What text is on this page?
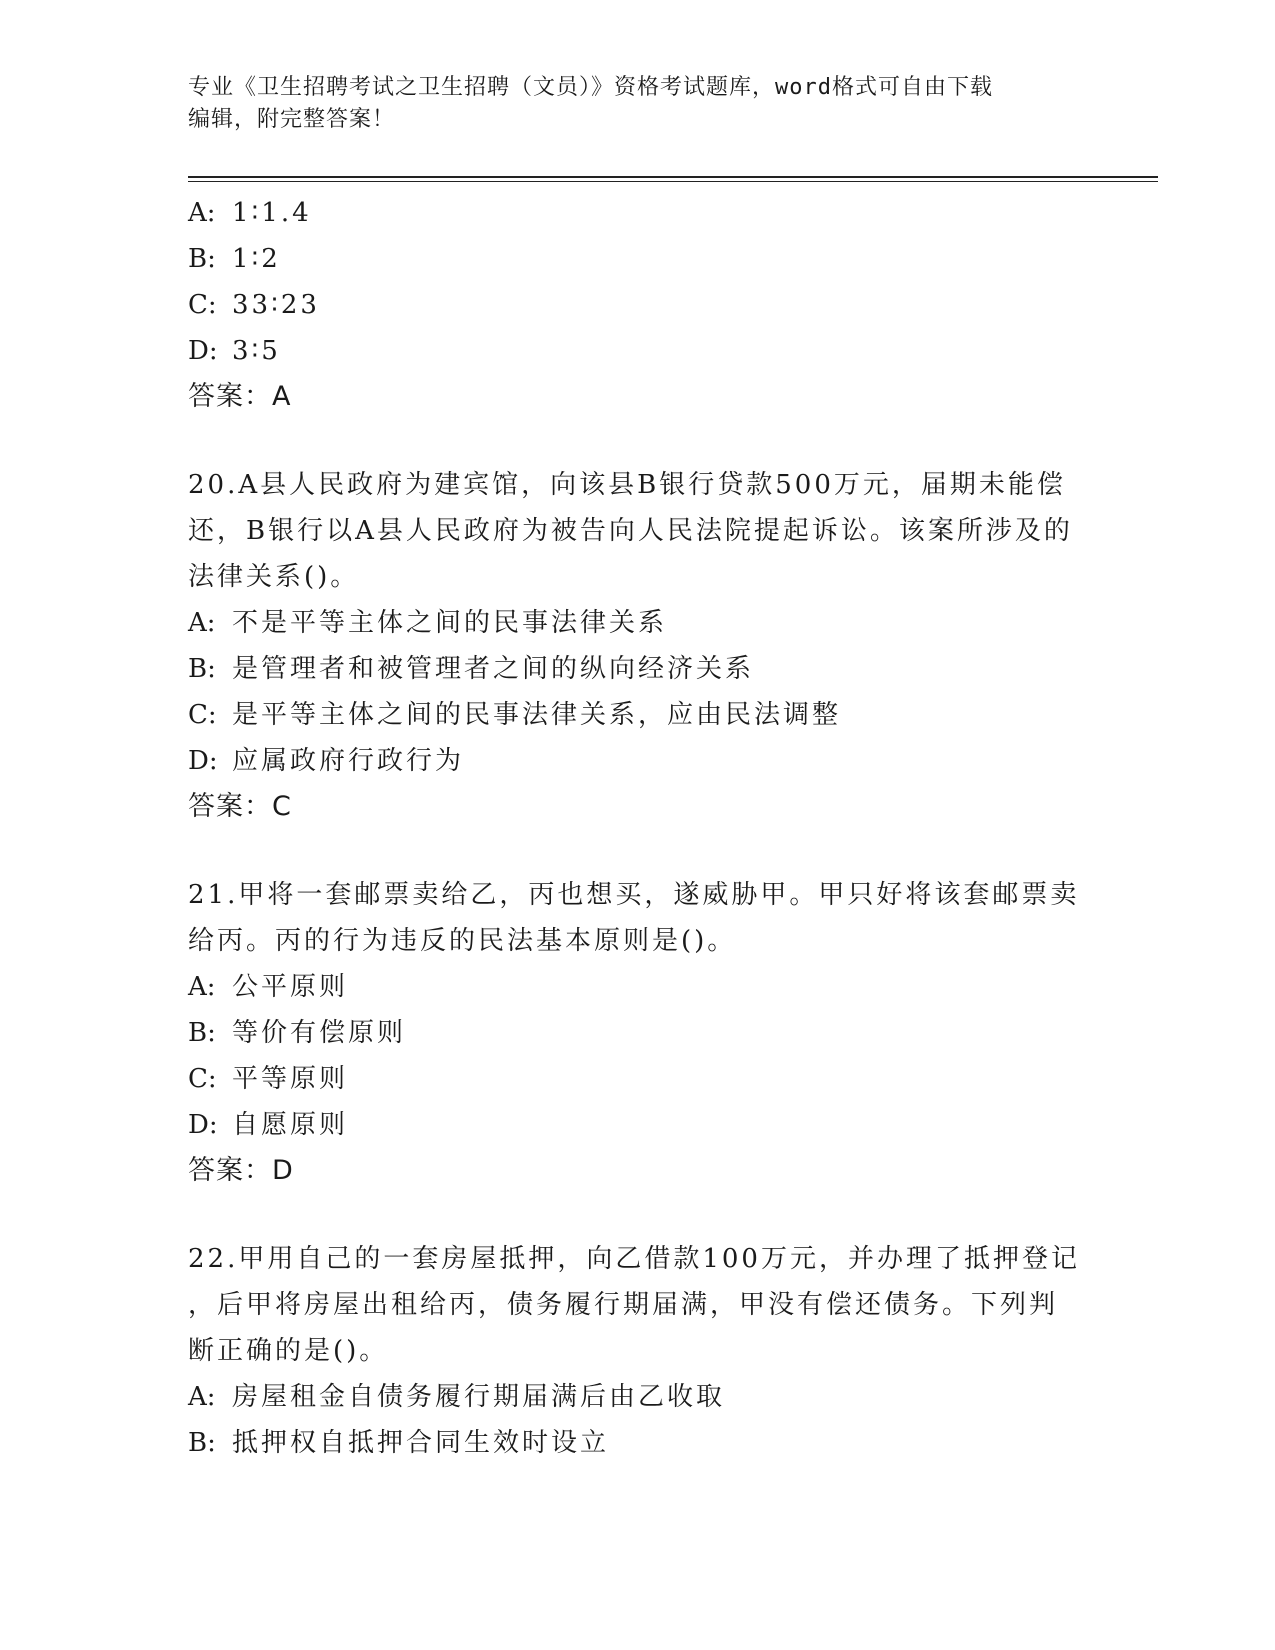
专业《卫生招聘考试之卫生招聘（文员）》资格考试题库，word格式可自由下载
编辑，附完整答案！
A: 1∶1.4
B: 1∶2
C: 33∶23
D: 3∶5
答案：A
20.A县人民政府为建宾馆，向该县B银行贷款500万元，届期未能偿
还，B银行以A县人民政府为被告向人民法院提起诉讼。该案所涉及的
法律关系()。
A: 不是平等主体之间的民事法律关系
B: 是管理者和被管理者之间的纵向经济关系
C: 是平等主体之间的民事法律关系，应由民法调整
D: 应属政府行政行为
答案：C
21.甲将一套邮票卖给乙，丙也想买，遂威胁甲。甲只好将该套邮票卖
给丙。丙的行为违反的民法基本原则是()。
A: 公平原则
B: 等价有偿原则
C: 平等原则
D: 自愿原则
答案：D
22.甲用自己的一套房屋抵押，向乙借款100万元，并办理了抵押登记
，后甲将房屋出租给丙，债务履行期届满，甲没有偿还债务。下列判
断正确的是()。
A: 房屋租金自债务履行期届满后由乙收取
B: 抵押权自抵押合同生效时设立
